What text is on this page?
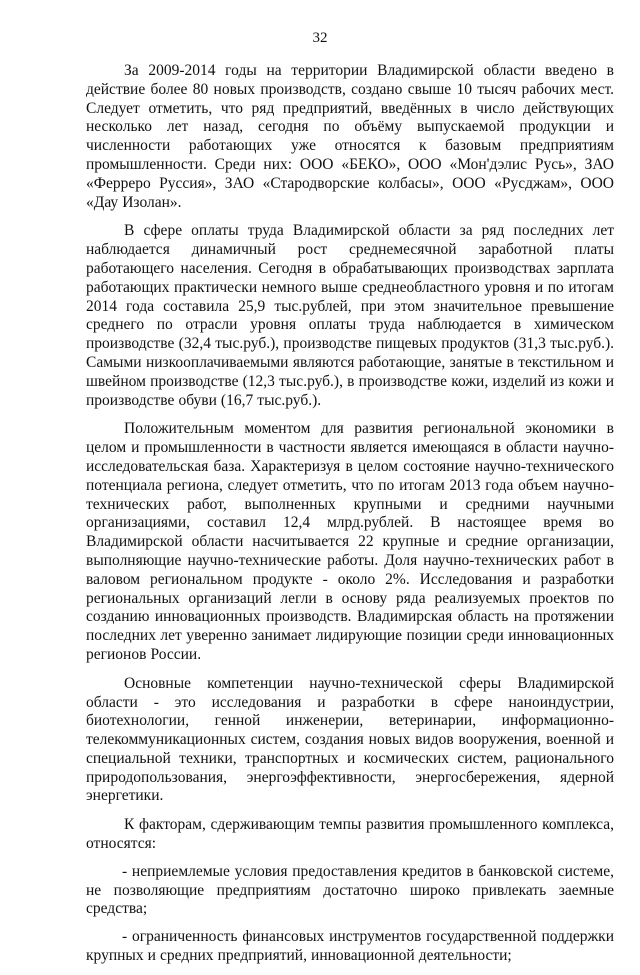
32

За 2009-2014 годы на территории Владимирской области введено в действие более 80 новых производств, создано свыше 10 тысяч рабочих мест. Следует отметить, что ряд предприятий, введённых в число действующих несколько лет назад, сегодня по объёму выпускаемой продукции и численности работающих уже относятся к базовым предприятиям промышленности. Среди них: ООО «БЕКО», ООО «Мон'дэлис Русь», ЗАО «Ферреро Руссия», ЗАО «Стародворские колбасы», ООО «Русджам», ООО «Дау Изолан».

В сфере оплаты труда Владимирской области за ряд последних лет наблюдается динамичный рост среднемесячной заработной платы работающего населения. Сегодня в обрабатывающих производствах зарплата работающих практически немного выше среднеобластного уровня и по итогам 2014 года составила 25,9 тыс.рублей, при этом значительное превышение среднего по отрасли уровня оплаты труда наблюдается в химическом производстве (32,4 тыс.руб.), производстве пищевых продуктов (31,3 тыс.руб.). Самыми низкооплачиваемыми являются работающие, занятые в текстильном и швейном производстве (12,3 тыс.руб.), в производстве кожи, изделий из кожи и производстве обуви (16,7 тыс.руб.).

Положительным моментом для развития региональной экономики в целом и промышленности в частности является имеющаяся в области научно-исследовательская база. Характеризуя в целом состояние научно-технического потенциала региона, следует отметить, что по итогам 2013 года объем научно-технических работ, выполненных крупными и средними научными организациями, составил 12,4 млрд.рублей. В настоящее время во Владимирской области насчитывается 22 крупные и средние организации, выполняющие научно-технические работы. Доля научно-технических работ в валовом региональном продукте - около 2%. Исследования и разработки региональных организаций легли в основу ряда реализуемых проектов по созданию инновационных производств. Владимирская область на протяжении последних лет уверенно занимает лидирующие позиции среди инновационных регионов России.

Основные компетенции научно-технической сферы Владимирской области - это исследования и разработки в сфере наноиндустрии, биотехнологии, генной инженерии, ветеринарии, информационно-телекоммуникационных систем, создания новых видов вооружения, военной и специальной техники, транспортных и космических систем, рационального природопользования, энергоэффективности, энергосбережения, ядерной энергетики.

К факторам, сдерживающим темпы развития промышленного комплекса, относятся:

- неприемлемые условия предоставления кредитов в банковской системе, не позволяющие предприятиям достаточно широко привлекать заемные средства;

- ограниченность финансовых инструментов государственной поддержки крупных и средних предприятий, инновационной деятельности;
